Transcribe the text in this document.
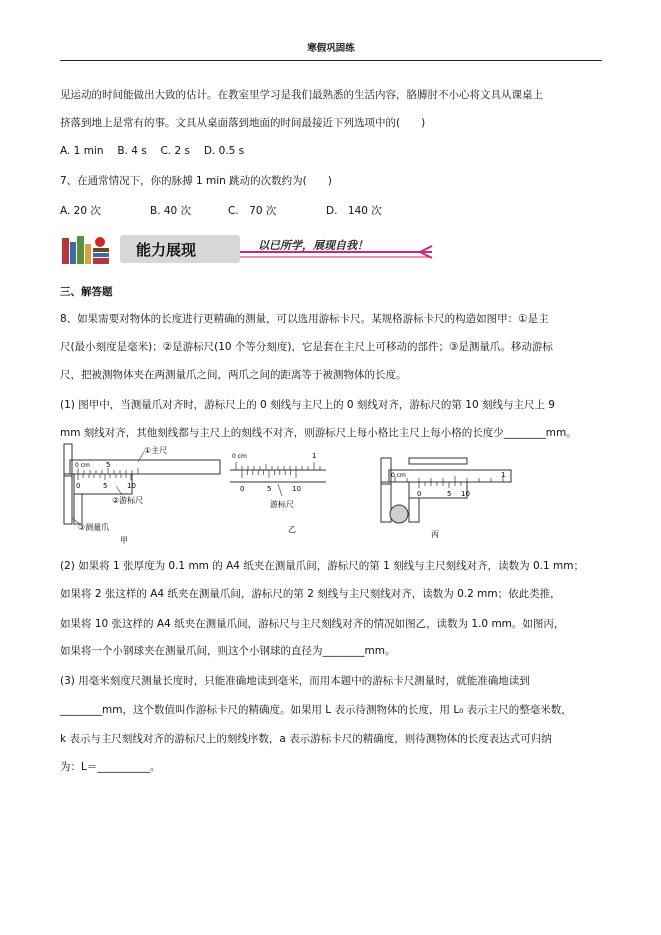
寒假巩固练
见运动的时间能做出大致的估计。在教室里学习是我们最熟悉的生活内容，胳膊肘不小心将文具从课桌上
挤落到地上是常有的事。文具从桌面落到地面的时间最接近下列选项中的(　　)
A. 1 min　 B. 4 s　 C. 2 s　 D. 0.5 s
7、在通常情况下，你的脉搏 1 min 跳动的次数约为(　　)
A. 20 次	B. 40 次	C.　70 次	D.　140 次
能力展现	以已所学，展现自我！
三、解答题
8、如果需要对物体的长度进行更精确的测量，可以选用游标卡尺。某规格游标卡尺的构造如图甲：①是主
尺(最小刻度是毫米)；②是游标尺(10 个等分刻度)，它是套在主尺上可移动的部件；③是测量爪。移动游标
尺，把被测物体夹在两测量爪之间，两爪之间的距离等于被测物体的长度。
(1) 图甲中，当测量爪对齐时，游标尺上的 0 刻线与主尺上的 0 刻线对齐，游标尺的第 10 刻线与主尺上 9
mm 刻线对齐，其他刻线都与主尺上的刻线不对齐，则游标尺上每小格比主尺上每小格的长度少________mm。
0 cm 5
0	5	10
①主尺
②游标尺
③测量爪
甲
0 cm	1
0	5	10
游标尺
乙
0 cm	1
0	5 10
丙
(2) 如果将 1 张厚度为 0.1 mm 的 A4 纸夹在测量爪间，游标尺的第 1 刻线与主尺刻线对齐，读数为 0.1 mm；
如果将 2 张这样的 A4 纸夹在测量爪间，游标尺的第 2 刻线与主尺刻线对齐，读数为 0.2 mm；依此类推，
如果将 10 张这样的 A4 纸夹在测量爪间，游标尺与主尺刻线对齐的情况如图乙，读数为 1.0 mm。如图丙，
如果将一个小钢球夹在测量爪间，则这个小钢球的直径为________mm。
(3) 用毫米刻度尺测量长度时，只能准确地读到毫米，而用本题中的游标卡尺测量时，就能准确地读到
________mm，这个数值叫作游标卡尺的精确度。如果用 L 表示待测物体的长度，用 L₀ 表示主尺的整毫米数，
k 表示与主尺刻线对齐的游标尺上的刻线序数，a 表示游标卡尺的精确度，则待测物体的长度表达式可归纳
为：L＝__________。
